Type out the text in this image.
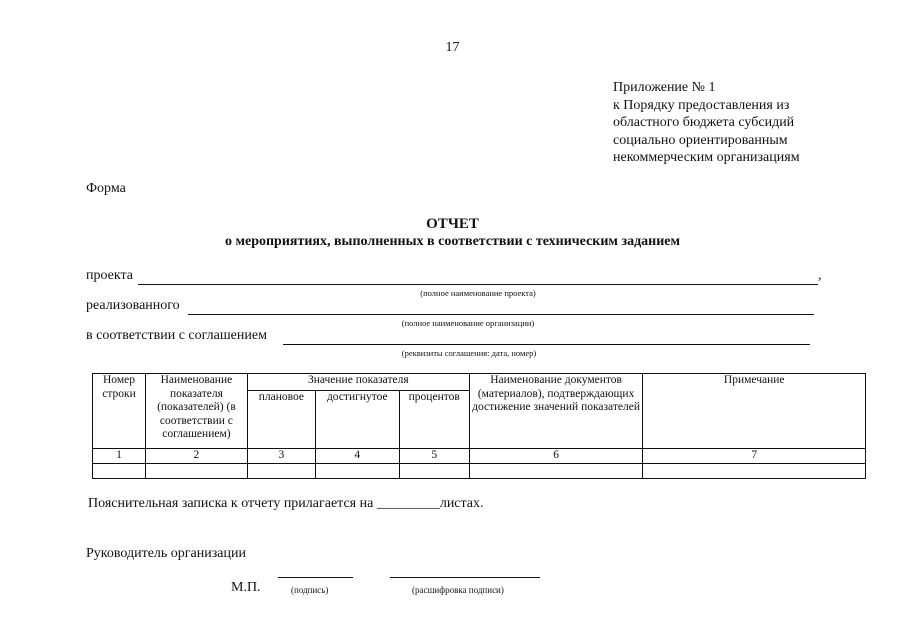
17
Приложение № 1
к Порядку предоставления из
областного бюджета субсидий
социально ориентированным
некоммерческим организациям
Форма
ОТЧЕТ
о мероприятиях, выполненных в соответствии с техническим заданием
проекта	,
(полное наименование проекта)
реализованного
(полное наименование организации)
в соответствии с соглашением
(реквизиты соглашения: дата, номер)
Номер строки	Наименование показателя (показателей) (в соответствии с соглашением)	Значение показателя			Наименование документов (материалов), подтверждающих достижение значений показателей	Примечание
		плановое	достигнутое	процентов		
1	2	3	4	5	6	7

Пояснительная записка к отчету прилагается на _________листах.
Руководитель организации
М.П.	(подпись)	(расшифровка подписи)
